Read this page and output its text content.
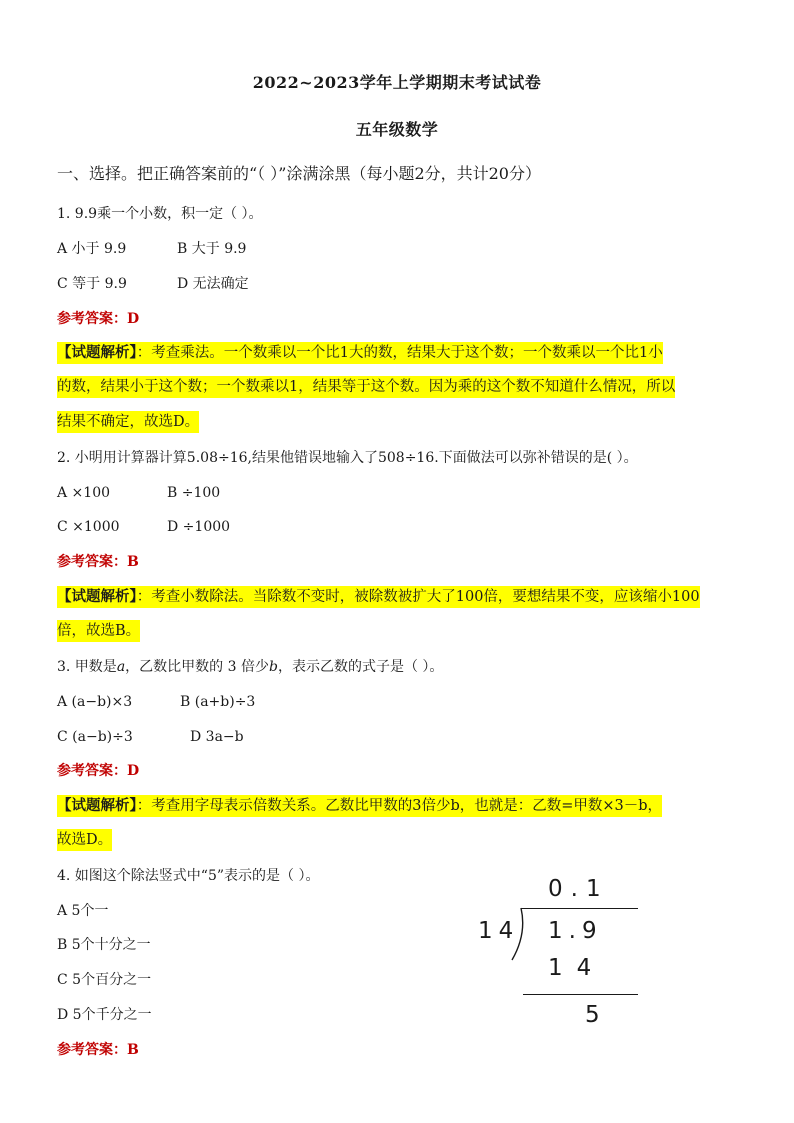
2022~2023学年上学期期末考试试卷
五年级数学
一、选择。把正确答案前的“（ ）”涂满涂黑（每小题2分，共计20分）
1. 9.9乘一个小数，积一定（ ）。
A 小于 9.9	B 大于 9.9
C 等于 9.9	D 无法确定
参考答案：D
【试题解析】：考查乘法。一个数乘以一个比1大的数，结果大于这个数；一个数乘以一个比1小
的数，结果小于这个数；一个数乘以1，结果等于这个数。因为乘的这个数不知道什么情况，所以
结果不确定，故选D。
2. 小明用计算器计算5.08÷16,结果他错误地输入了508÷16.下面做法可以弥补错误的是( ）。
A ×100	B ÷100
C ×1000	D ÷1000
参考答案：B
【试题解析】：考查小数除法。当除数不变时，被除数被扩大了100倍，要想结果不变，应该缩小100
倍，故选B。
3. 甲数是a，乙数比甲数的 3 倍少b，表示乙数的式子是（ ）。
A (a−b)×3	B (a+b)÷3
C (a−b)÷3	D 3a−b
参考答案：D
【试题解析】：考查用字母表示倍数关系。乙数比甲数的3倍少b，也就是：乙数=甲数×3－b，
故选D。
4. 如图这个除法竖式中“5”表示的是（ ）。
A 5个一
B 5个十分之一
C 5个百分之一
D 5个千分之一
参考答案：B
0.1
14 1.9
14
5
